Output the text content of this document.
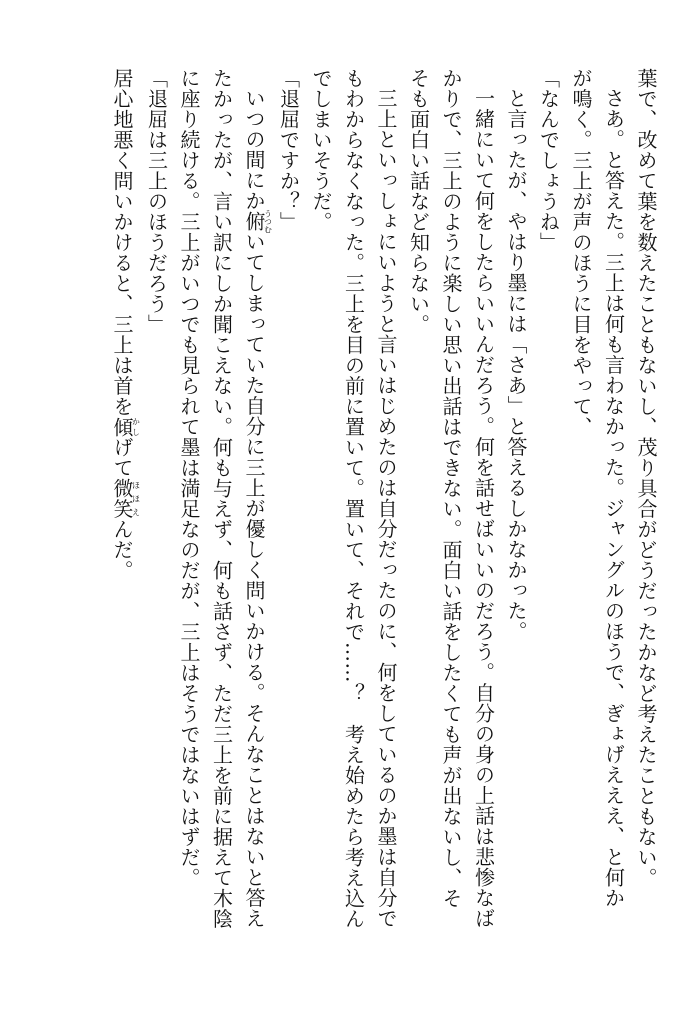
葉で、改めて葉を数えたこともないし、茂り具合がどうだったかなど考えたこともない。

さあ。と答えた。三上は何も言わなかった。ジャングルのほうで、ぎょげえええ、と何か

が鳴く。三上が声のほうに目をやって、

「なんでしょうね」

と言ったが、やはり墨には「さあ」と答えるしかなかった。

一緒にいて何をしたらいいんだろう。何を話せばいいのだろう。自分の身の上話は悲惨なば

かりで、三上のように楽しい思い出話はできない。面白い話をしたくても声が出ないし、そ

そも面白い話など知らない。

三上といっしょにいようと言いはじめたのは自分だったのに、何をしているのか墨は自分で

もわからなくなった。三上を目の前に置いて。置いて、それで……？　考え始めたら考え込ん

でしまいそうだ。

「退屈ですか？」

いつの間にか俯うつむいてしまっていた自分に三上が優しく問いかける。そんなことはないと答え

たかったが、言い訳にしか聞こえない。何も与えず、何も話さず、ただ三上を前に据えて木陰

に座り続ける。三上がいつでも見られて墨は満足なのだが、三上はそうではないはずだ。

「退屈は三上のほうだろう」

居心地悪く問いかけると、三上は首を傾かしげて微笑ほほえんだ。
